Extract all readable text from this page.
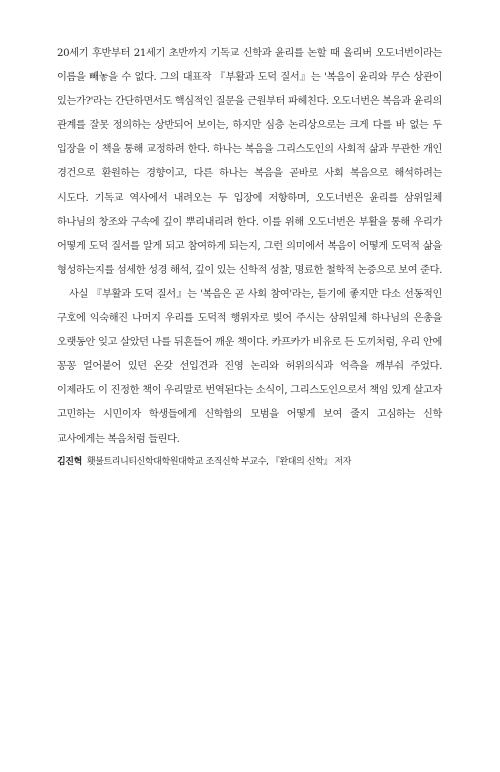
20세기 후반부터 21세기 초반까지 기독교 신학과 윤리를 논할 때 올리버 오도너번이라는 이름을 빼놓을 수 없다. 그의 대표작 『부활과 도덕 질서』는 '복음이 윤리와 무슨 상관이 있는가?'라는 간단하면서도 핵심적인 질문을 근원부터 파헤친다. 오도너번은 복음과 윤리의 관계를 잘못 정의하는 상반되어 보이는, 하지만 심층 논리상으로는 크게 다를 바 없는 두 입장을 이 책을 통해 교정하려 한다. 하나는 복음을 그리스도인의 사회적 삶과 무관한 개인 경건으로 환원하는 경향이고, 다른 하나는 복음을 곧바로 사회 복음으로 해석하려는 시도다. 기독교 역사에서 내려오는 두 입장에 저항하며, 오도너번은 윤리를 삼위일체 하나님의 창조와 구속에 깊이 뿌리내리려 한다. 이를 위해 오도너번은 부활을 통해 우리가 어떻게 도덕 질서를 알게 되고 참여하게 되는지, 그런 의미에서 복음이 어떻게 도덕적 삶을 형성하는지를 섬세한 성경 해석, 깊이 있는 신학적 성찰, 명료한 철학적 논증으로 보여 준다.

사실 『부활과 도덕 질서』는 '복음은 곧 사회 참여'라는, 듣기에 좋지만 다소 선동적인 구호에 익숙해진 나머지 우리를 도덕적 행위자로 빚어 주시는 삼위일체 하나님의 은총을 오랫동안 잊고 살았던 나를 뒤흔들어 깨운 책이다. 카프카가 비유로 든 도끼처럼, 우리 안에 꽁꽁 얼어붙어 있던 온갖 선입견과 진영 논리와 허위의식과 억측을 깨부숴 주었다. 이제라도 이 진정한 책이 우리말로 번역된다는 소식이, 그리스도인으로서 책임 있게 살고자 고민하는 시민이자 학생들에게 신학함의 모범을 어떻게 보여 줄지 고심하는 신학 교사에게는 복음처럼 들린다.

김진혁 횃불트리니티신학대학원대학교 조직신학 부교수, 『완대의 신학』 저자
